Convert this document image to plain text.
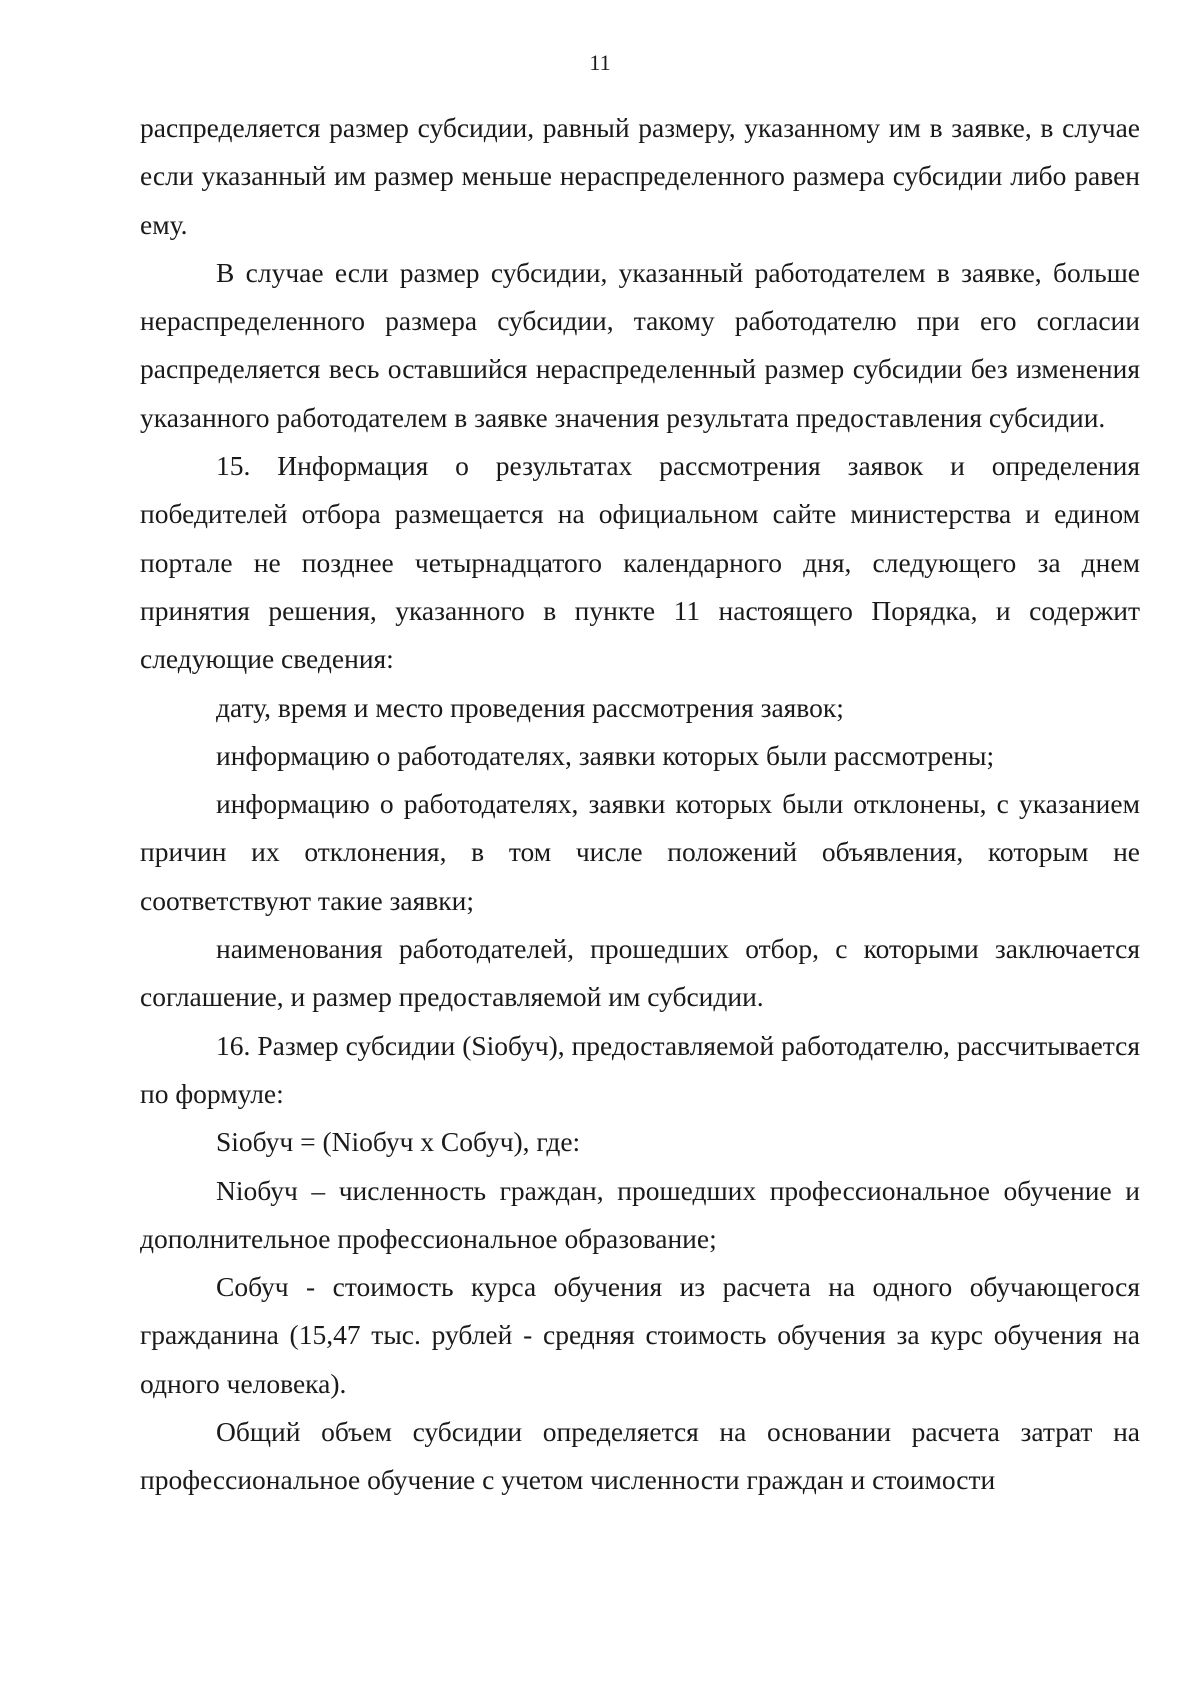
11

распределяется размер субсидии, равный размеру, указанному им в заявке, в случае если указанный им размер меньше нераспределенного размера субсидии либо равен ему.

В случае если размер субсидии, указанный работодателем в заявке, больше нераспределенного размера субсидии, такому работодателю при его согласии распределяется весь оставшийся нераспределенный размер субсидии без изменения указанного работодателем в заявке значения результата предоставления субсидии.

15. Информация о результатах рассмотрения заявок и определения победителей отбора размещается на официальном сайте министерства и едином портале не позднее четырнадцатого календарного дня, следующего за днем принятия решения, указанного в пункте 11 настоящего Порядка, и содержит следующие сведения:

дату, время и место проведения рассмотрения заявок;

информацию о работодателях, заявки которых были рассмотрены;

информацию о работодателях, заявки которых были отклонены, с указанием причин их отклонения, в том числе положений объявления, которым не соответствуют такие заявки;

наименования работодателей, прошедших отбор, с которыми заключается соглашение, и размер предоставляемой им субсидии.

16. Размер субсидии (Siобуч), предоставляемой работодателю, рассчитывается по формуле:

Siобуч = (Niобуч x Cобуч), где:

Niобуч – численность граждан, прошедших профессиональное обучение и дополнительное профессиональное образование;

Cобуч - стоимость курса обучения из расчета на одного обучающегося гражданина (15,47 тыс. рублей - средняя стоимость обучения за курс обучения на одного человека).

Общий объем субсидии определяется на основании расчета затрат на профессиональное обучение с учетом численности граждан и стоимости
